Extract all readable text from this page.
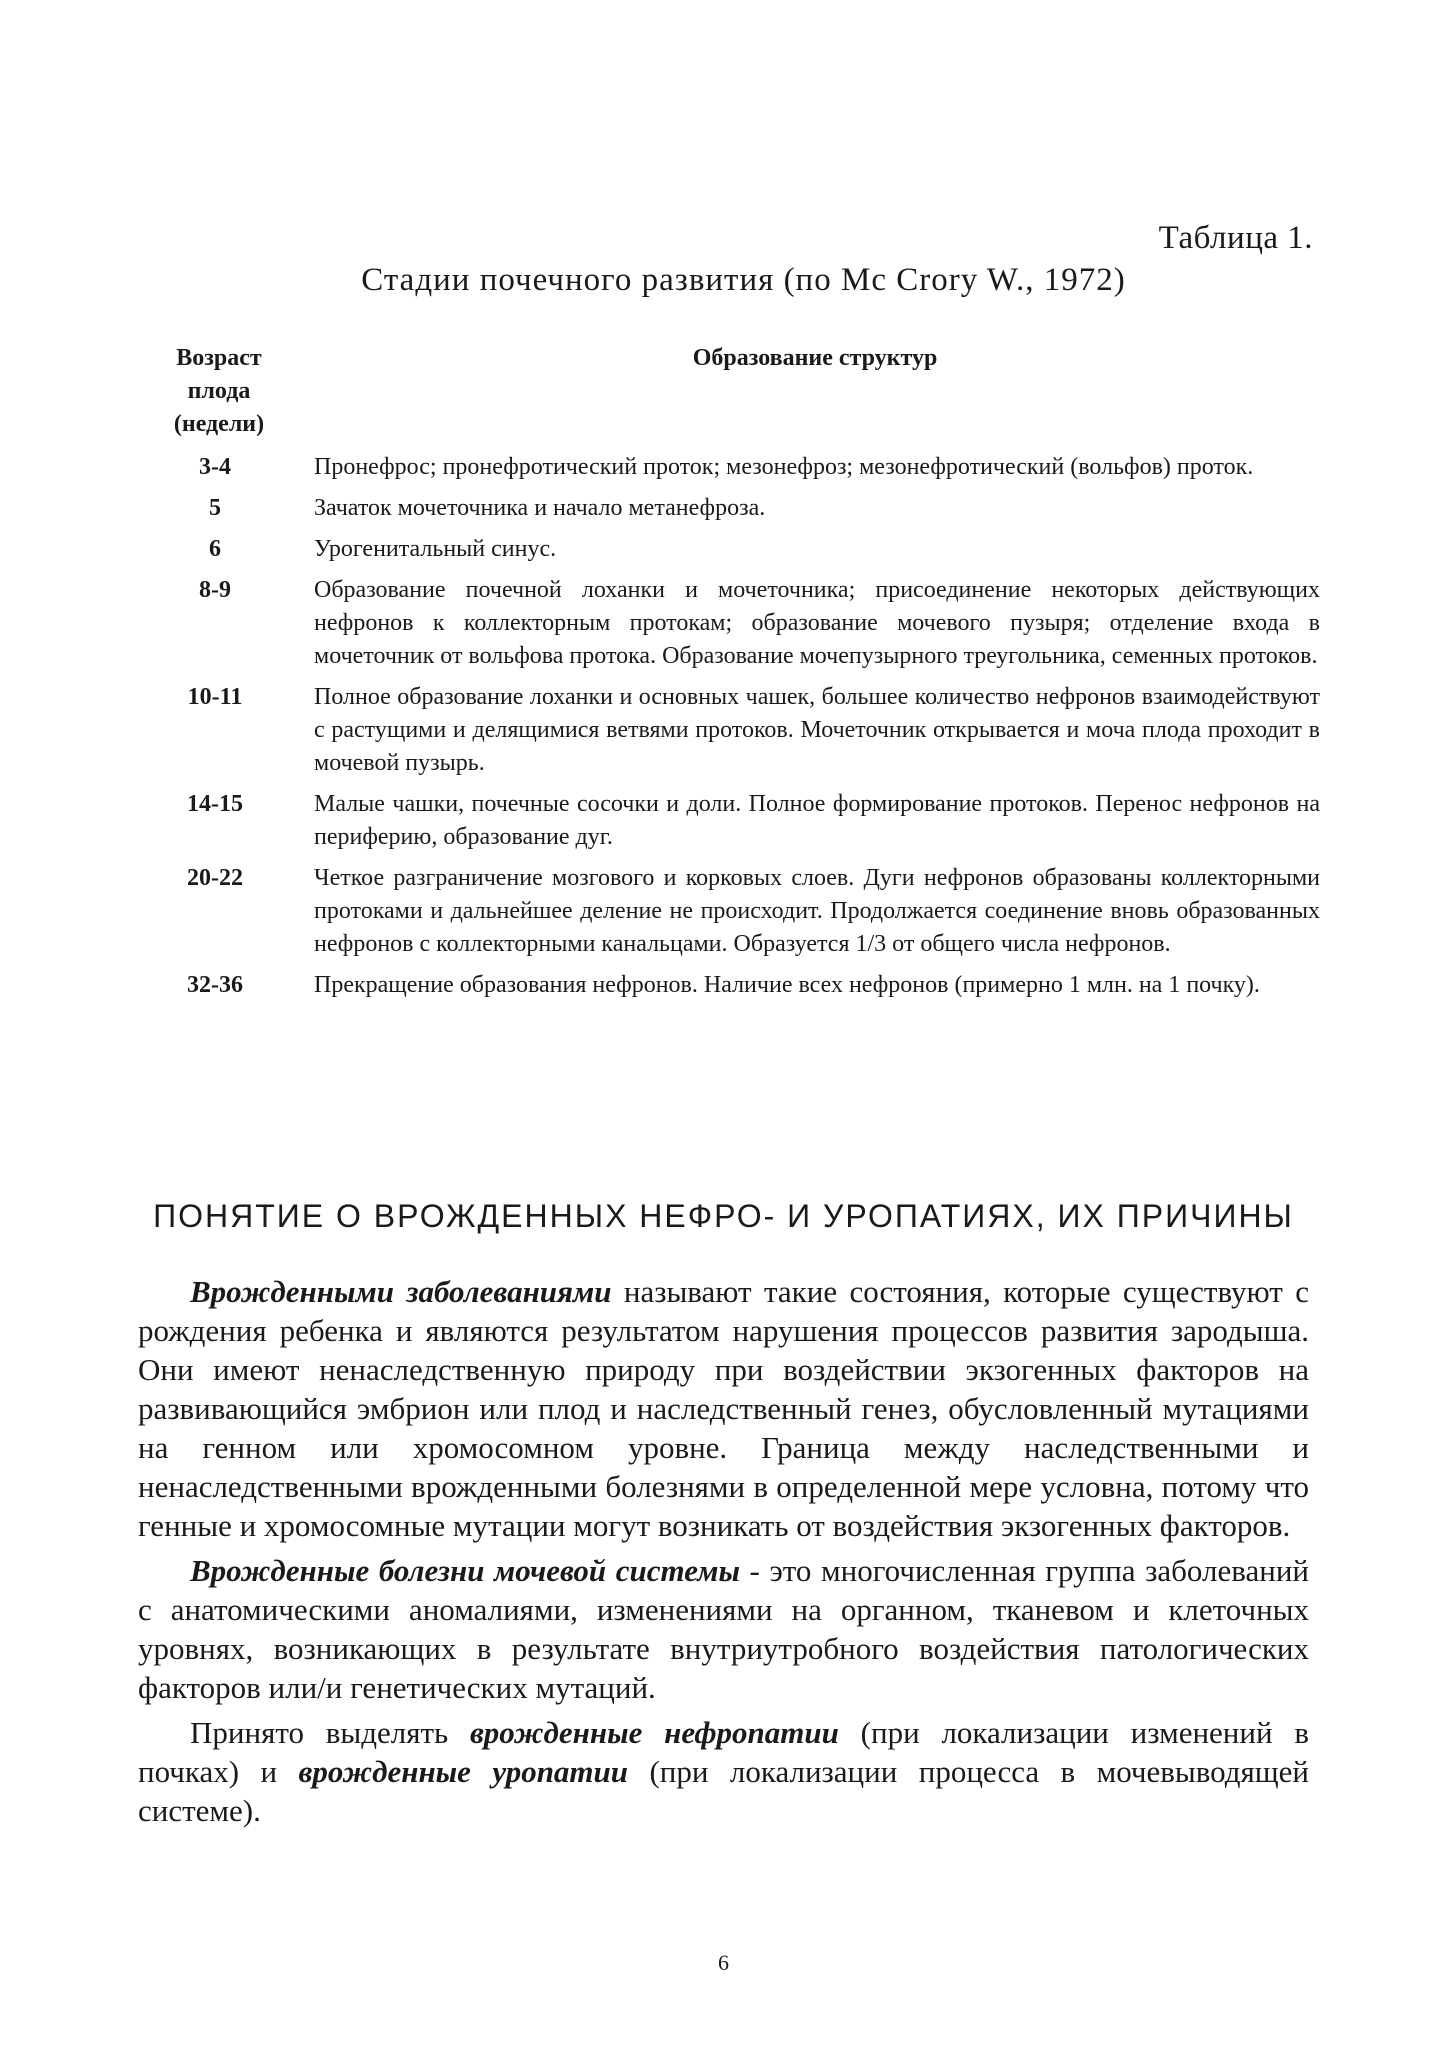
Таблица 1.
Стадии почечного развития (по Mc Crory W., 1972)
Возраст плода (недели)	Образование структур
3-4	Пронефрос; пронефротический проток; мезонефроз; мезонефротический (вольфов) проток.
5	Зачаток мочеточника и начало метанефроза.
6	Урогенитальный синус.
8-9	Образование почечной лоханки и мочеточника; присоединение некоторых действующих нефронов к коллекторным протокам; образование мочевого пузыря; отделение входа в мочеточник от вольфова протока. Образование мочепузырного треугольника, семенных протоков.
10-11	Полное образование лоханки и основных чашек, большее количество нефронов взаимодействуют с растущими и делящимися ветвями протоков. Мочеточник открывается и моча плода проходит в мочевой пузырь.
14-15	Малые чашки, почечные сосочки и доли. Полное формирование протоков. Перенос нефронов на периферию, образование дуг.
20-22	Четкое разграничение мозгового и корковых слоев. Дуги нефронов образованы коллекторными протоками и дальнейшее деление не происходит. Продолжается соединение вновь образованных нефронов с коллекторными канальцами. Образуется 1/3 от общего числа нефронов.
32-36	Прекращение образования нефронов. Наличие всех нефронов (примерно 1 млн. на 1 почку).
ПОНЯТИЕ О ВРОЖДЕННЫХ НЕФРО- И УРОПАТИЯХ, ИХ ПРИЧИНЫ

Врожденными заболеваниями называют такие состояния, которые существуют с рождения ребенка и являются результатом нарушения процессов развития зародыша. Они имеют ненаследственную природу при воздействии экзогенных факторов на развивающийся эмбрион или плод и наследственный генез, обусловленный мутациями на генном или хромосомном уровне. Граница между наследственными и ненаследственными врожденными болезнями в определенной мере условна, потому что генные и хромосомные мутации могут возникать от воздействия экзогенных факторов.

Врожденные болезни мочевой системы - это многочисленная группа заболеваний с анатомическими аномалиями, изменениями на органном, тканевом и клеточных уровнях, возникающих в результате внутриутробного воздействия патологических факторов или/и генетических мутаций.

Принято выделять врожденные нефропатии (при локализации изменений в почках) и врожденные уропатии (при локализации процесса в мочевыводящей системе).

6
